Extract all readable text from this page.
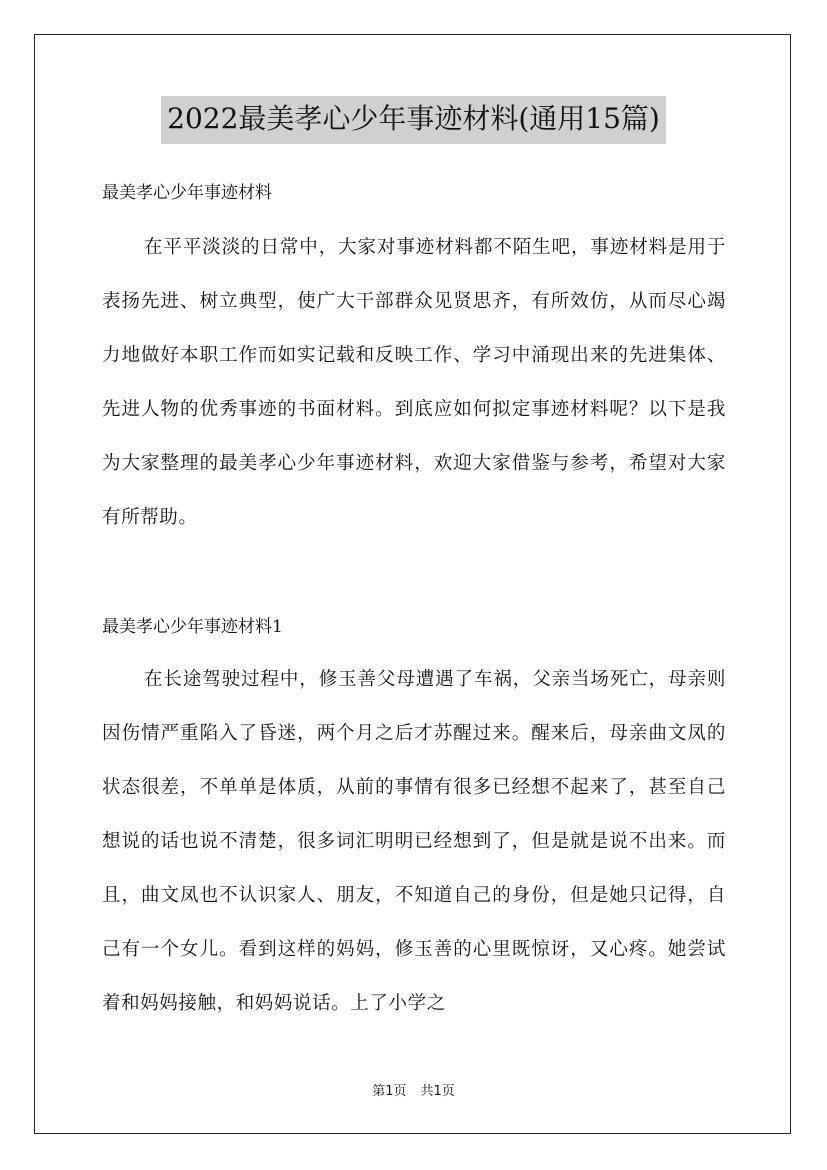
2022最美孝心少年事迹材料(通用15篇)

最美孝心少年事迹材料

在平平淡淡的日常中，大家对事迹材料都不陌生吧，事迹材料是用于表扬先进、树立典型，使广大干部群众见贤思齐，有所效仿，从而尽心竭力地做好本职工作而如实记载和反映工作、学习中涌现出来的先进集体、先进人物的优秀事迹的书面材料。到底应如何拟定事迹材料呢？以下是我为大家整理的最美孝心少年事迹材料，欢迎大家借鉴与参考，希望对大家有所帮助。

最美孝心少年事迹材料1

在长途驾驶过程中，修玉善父母遭遇了车祸，父亲当场死亡，母亲则因伤情严重陷入了昏迷，两个月之后才苏醒过来。醒来后，母亲曲文凤的状态很差，不单单是体质，从前的事情有很多已经想不起来了，甚至自己想说的话也说不清楚，很多词汇明明已经想到了，但是就是说不出来。而且，曲文凤也不认识家人、朋友，不知道自己的身份，但是她只记得，自己有一个女儿。看到这样的妈妈，修玉善的心里既惊讶，又心疼。她尝试着和妈妈接触，和妈妈说话。上了小学之

第1页 共1页
